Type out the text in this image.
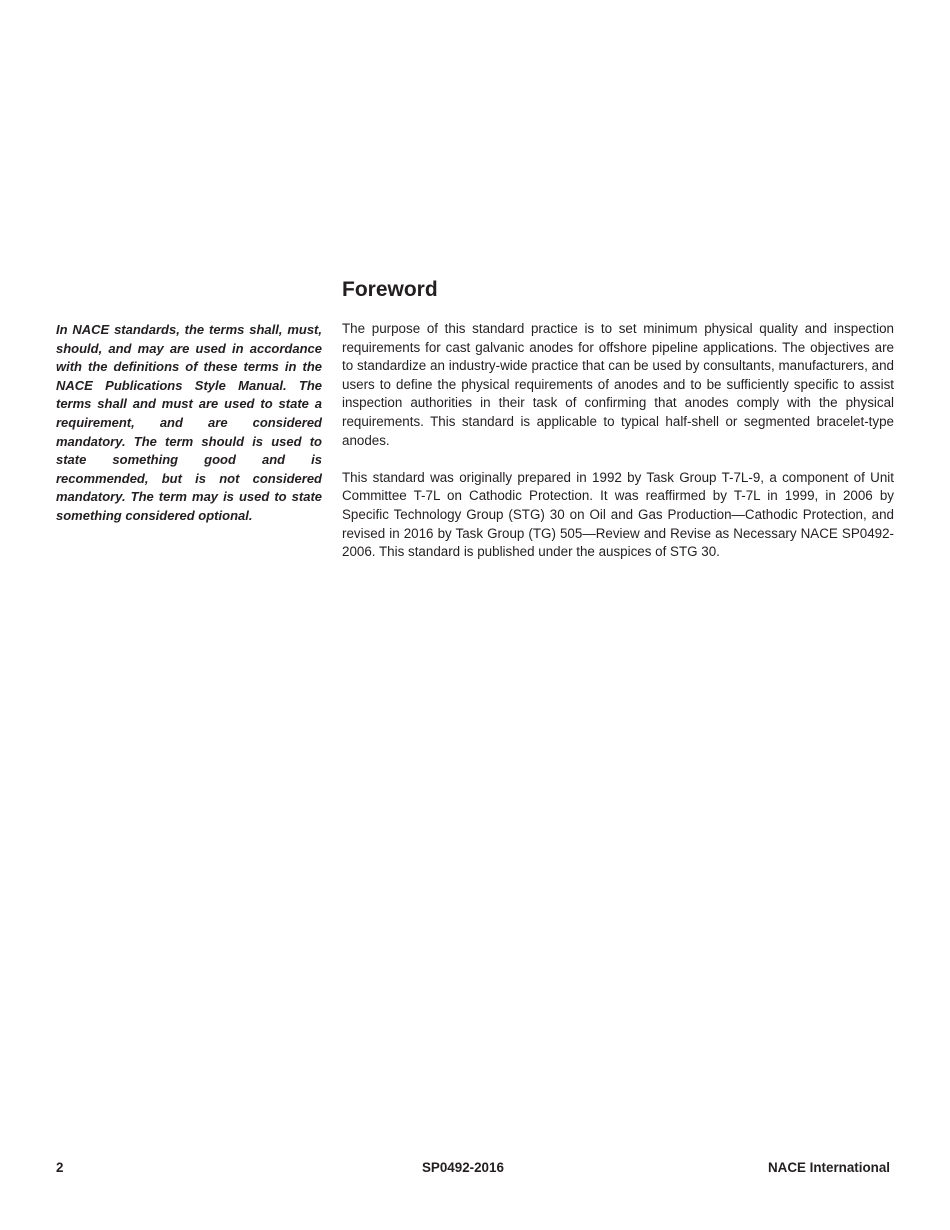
In NACE standards, the terms shall, must, should, and may are used in accordance with the definitions of these terms in the NACE Publications Style Manual. The terms shall and must are used to state a requirement, and are considered mandatory. The term should is used to state something good and is recommended, but is not considered mandatory. The term may is used to state something considered optional.

Foreword

The purpose of this standard practice is to set minimum physical quality and inspection requirements for cast galvanic anodes for offshore pipeline applications. The objectives are to standardize an industry-wide practice that can be used by consultants, manufacturers, and users to define the physical requirements of anodes and to be sufficiently specific to assist inspection authorities in their task of confirming that anodes comply with the physical requirements. This standard is applicable to typical half-shell or segmented bracelet-type anodes.

This standard was originally prepared in 1992 by Task Group T-7L-9, a component of Unit Committee T-7L on Cathodic Protection. It was reaffirmed by T-7L in 1999, in 2006 by Specific Technology Group (STG) 30 on Oil and Gas Production—Cathodic Protection, and revised in 2016 by Task Group (TG) 505—Review and Revise as Necessary NACE SP0492-2006. This standard is published under the auspices of STG 30.

2	SP0492-2016	NACE International
